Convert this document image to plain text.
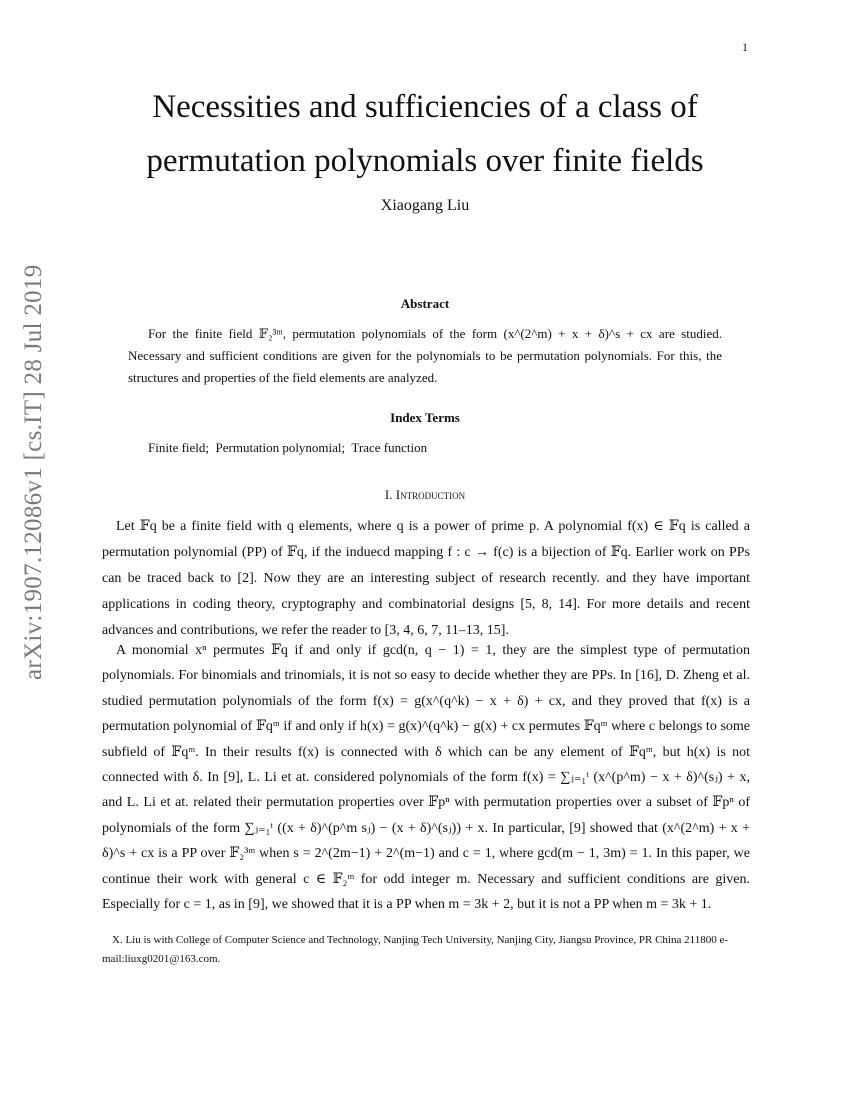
1
arXiv:1907.12086v1 [cs.IT] 28 Jul 2019
Necessities and sufficiencies of a class of
permutation polynomials over finite fields
Xiaogang Liu
Abstract
For the finite field 𝔽₂³ᵐ, permutation polynomials of the form (x^(2^m) + x + δ)^s + cx are studied. Necessary and sufficient conditions are given for the polynomials to be permutation polynomials. For this, the structures and properties of the field elements are analyzed.
Index Terms
Finite field;  Permutation polynomial;  Trace function
I. Introduction

Let 𝔽q be a finite field with q elements, where q is a power of prime p. A polynomial f(x) ∈ 𝔽q is called a permutation polynomial (PP) of 𝔽q, if the induecd mapping f : c → f(c) is a bijection of 𝔽q. Earlier work on PPs can be traced back to [2]. Now they are an interesting subject of research recently. and they have important applications in coding theory, cryptography and combinatorial designs [5, 8, 14]. For more details and recent advances and contributions, we refer the reader to [3, 4, 6, 7, 11–13, 15].

A monomial xⁿ permutes 𝔽q if and only if gcd(n, q − 1) = 1, they are the simplest type of permutation polynomials. For binomials and trinomials, it is not so easy to decide whether they are PPs. In [16], D. Zheng et al. studied permutation polynomials of the form f(x) = g(x^(q^k) − x + δ) + cx, and they proved that f(x) is a permutation polynomial of 𝔽qᵐ if and only if h(x) = g(x)^(q^k) − g(x) + cx permutes 𝔽qᵐ where c belongs to some subfield of 𝔽qᵐ. In their results f(x) is connected with δ which can be any element of 𝔽qᵐ, but h(x) is not connected with δ. In [9], L. Li et at. considered polynomials of the form f(x) = ∑ⱼ₌₁ᵗ (x^(p^m) − x + δ)^(sⱼ) + x, and L. Li et at. related their permutation properties over 𝔽pⁿ with permutation properties over a subset of 𝔽pⁿ of polynomials of the form ∑ⱼ₌₁ᵗ ((x + δ)^(p^m sⱼ) − (x + δ)^(sⱼ)) + x. In particular, [9] showed that (x^(2^m) + x + δ)^s + cx is a PP over 𝔽₂³ᵐ when s = 2^(2m−1) + 2^(m−1) and c = 1, where gcd(m − 1, 3m) = 1. In this paper, we continue their work with general c ∈ 𝔽₂ᵐ for odd integer m. Necessary and sufficient conditions are given. Especially for c = 1, as in [9], we showed that it is a PP when m = 3k + 2, but it is not a PP when m = 3k + 1.

X. Liu is with College of Computer Science and Technology, Nanjing Tech University, Nanjing City, Jiangsu Province, PR China 211800 e-mail:liuxg0201@163.com.
